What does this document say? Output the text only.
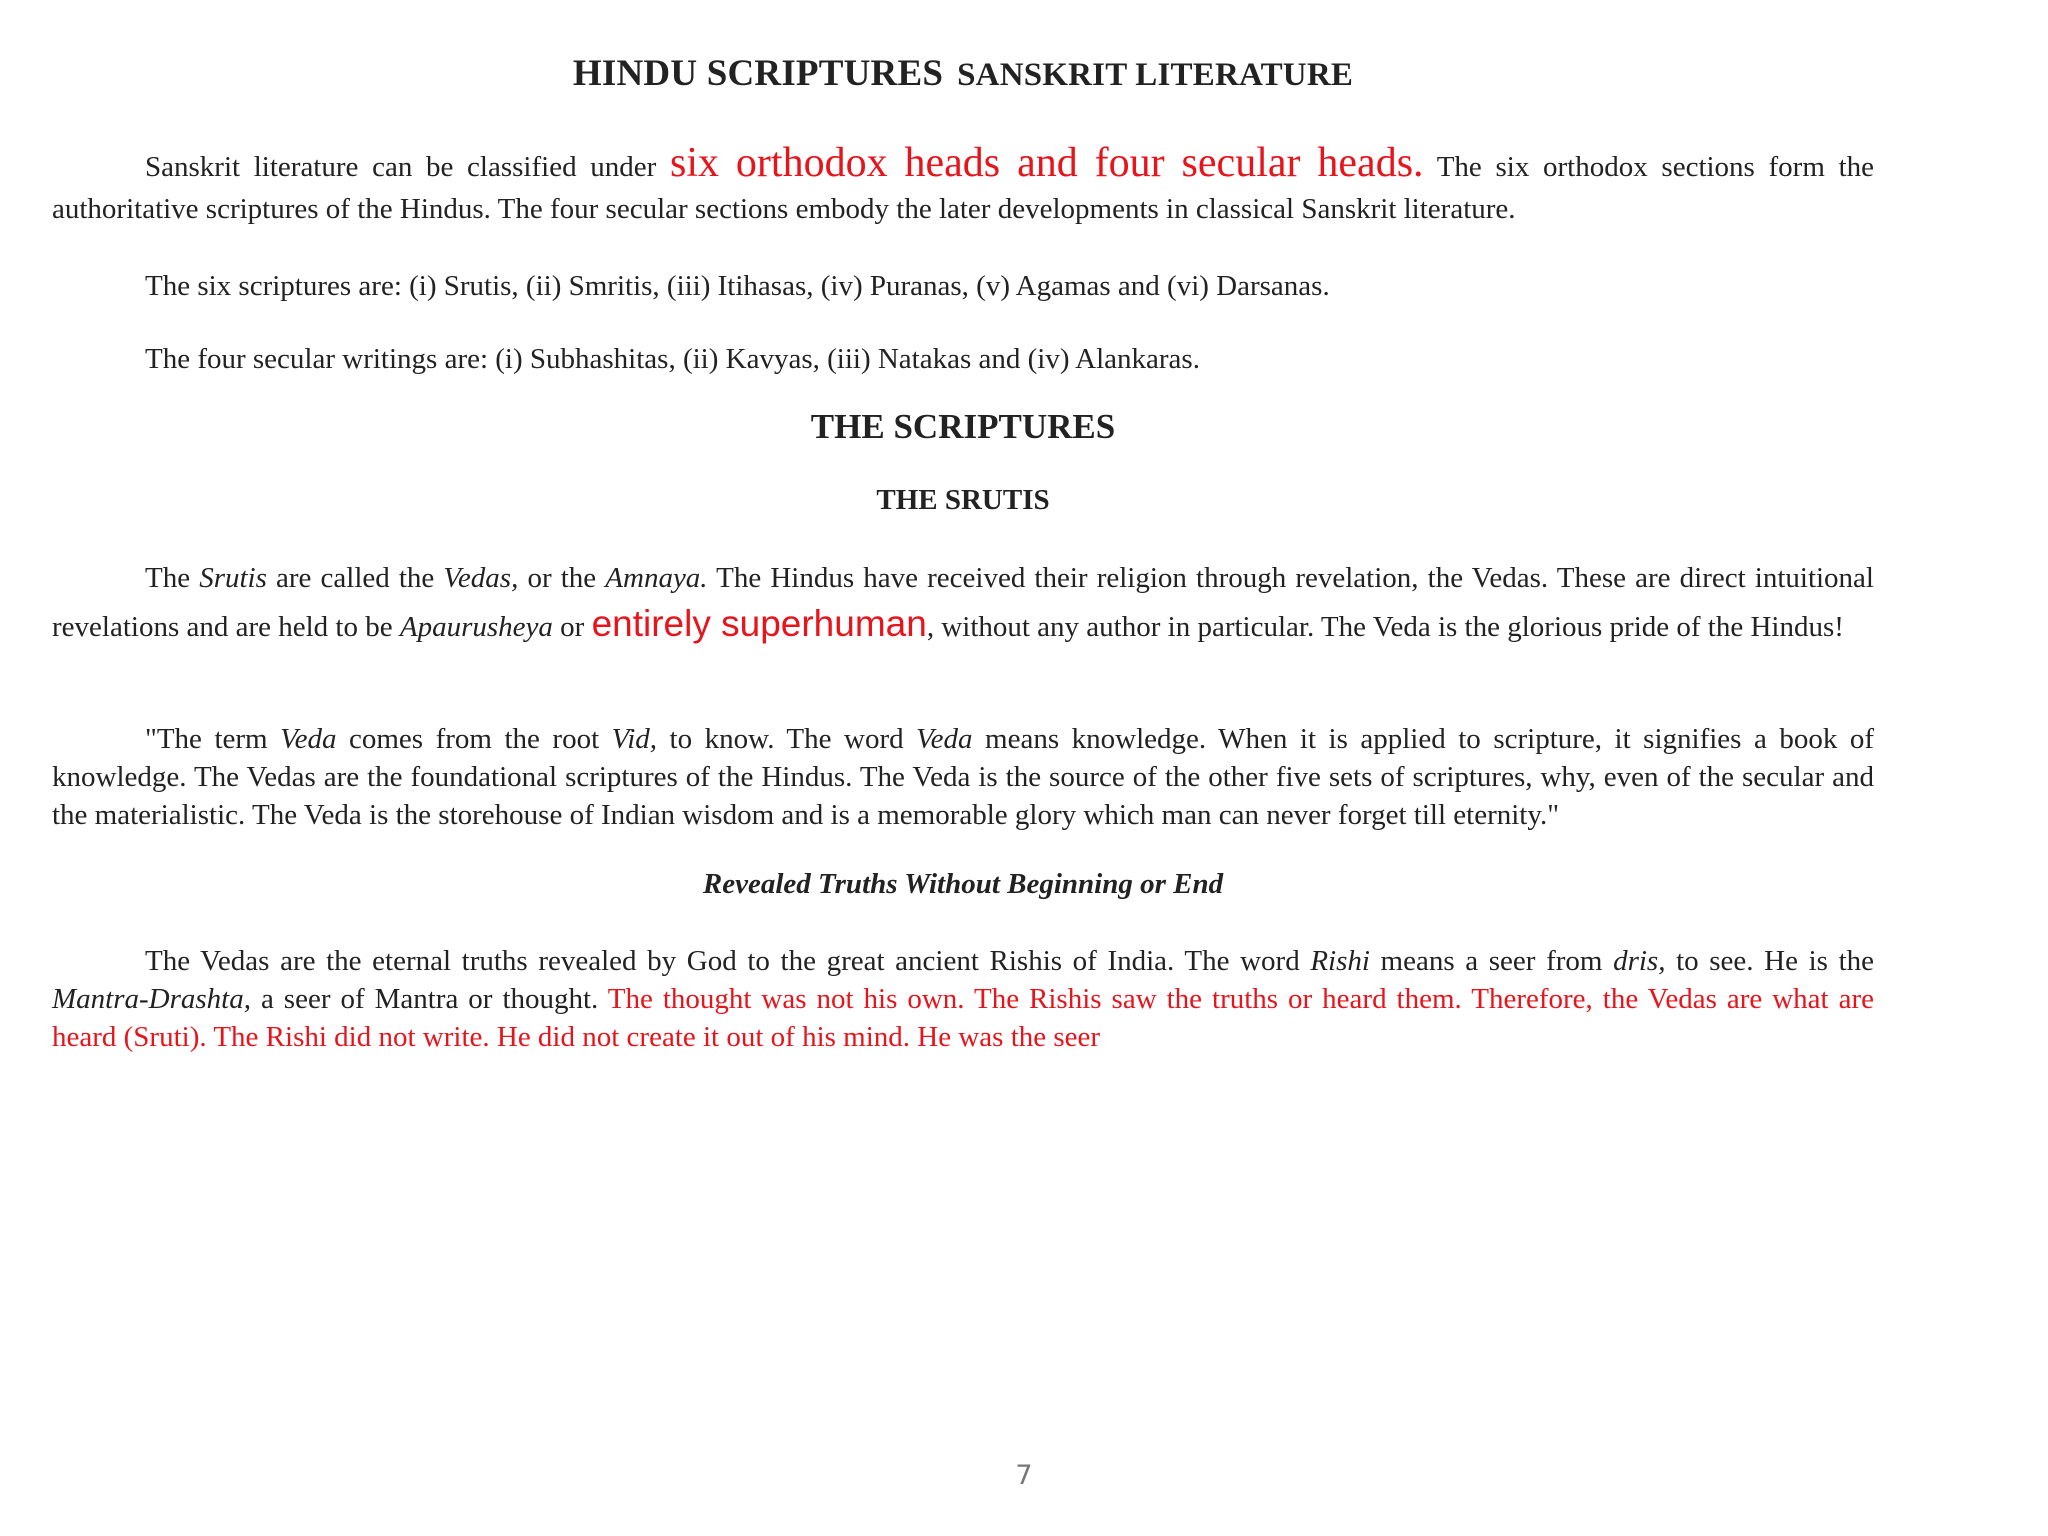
HINDU SCRIPTURES SANSKRIT LITERATURE
Sanskrit literature can be classified under six orthodox heads and four secular heads. The six orthodox sections form the authoritative scriptures of the Hindus. The four secular sections embody the later developments in classical Sanskrit literature.
The six scriptures are: (i) Srutis, (ii) Smritis, (iii) Itihasas, (iv) Puranas, (v) Agamas and (vi) Darsanas.
The four secular writings are: (i) Subhashitas, (ii) Kavyas, (iii) Natakas and (iv) Alankaras.
THE SCRIPTURES
THE SRUTIS
The Srutis are called the Vedas, or the Amnaya. The Hindus have received their religion through revelation, the Vedas. These are direct intuitional revelations and are held to be Apaurusheya or entirely superhuman, without any author in particular. The Veda is the glorious pride of the Hindus!
"The term Veda comes from the root Vid, to know. The word Veda means knowledge. When it is applied to scripture, it signifies a book of knowledge. The Vedas are the foundational scriptures of the Hindus. The Veda is the source of the other five sets of scriptures, why, even of the secular and the materialistic. The Veda is the storehouse of Indian wisdom and is a memorable glory which man can never forget till eternity."
Revealed Truths Without Beginning or End
The Vedas are the eternal truths revealed by God to the great ancient Rishis of India. The word Rishi means a seer from dris, to see. He is the Mantra-Drashta, a seer of Mantra or thought. The thought was not his own. The Rishis saw the truths or heard them. Therefore, the Vedas are what are heard (Sruti). The Rishi did not write. He did not create it out of his mind. He was the seer
7
